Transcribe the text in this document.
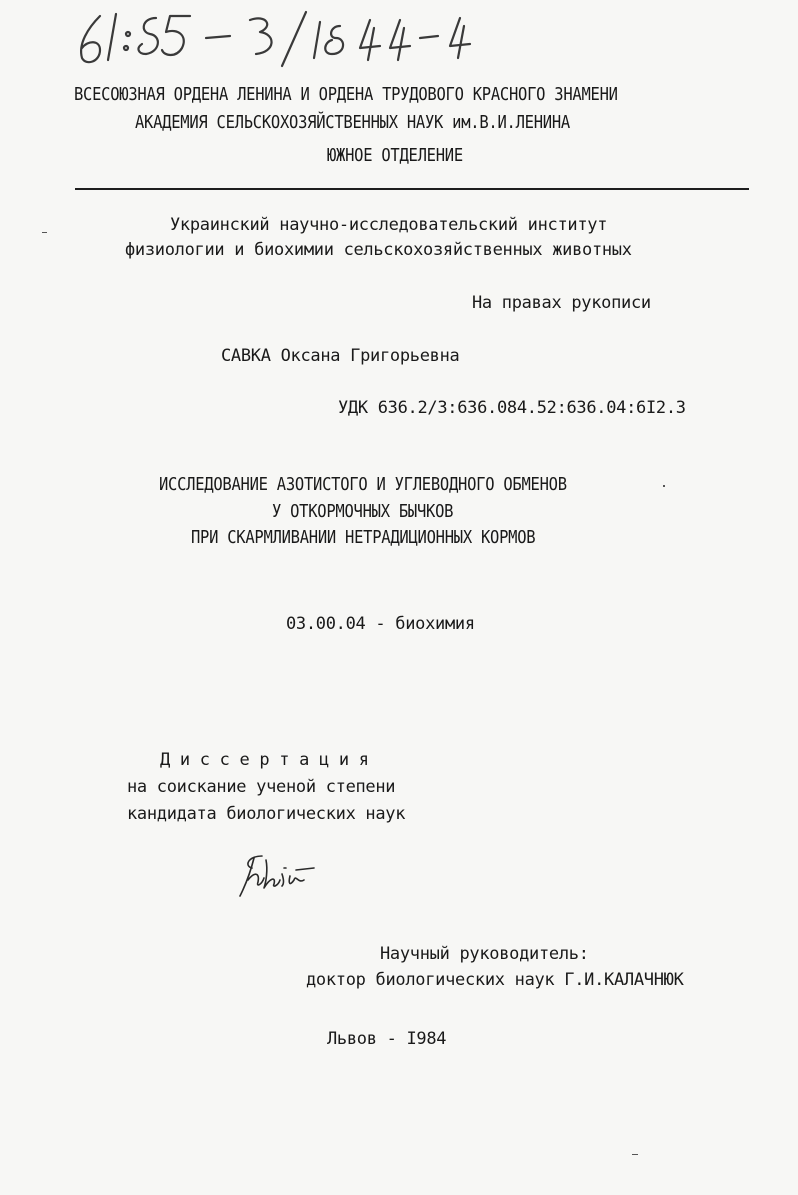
ВСЕСОЮЗНАЯ ОРДЕНА ЛЕНИНА И ОРДЕНА ТРУДОВОГО КРАСНОГО ЗНАМЕНИ
АКАДЕМИЯ СЕЛЬСКОХОЗЯЙСТВЕННЫХ НАУК им.В.И.ЛЕНИНА
ЮЖНОЕ ОТДЕЛЕНИЕ
Украинский научно-исследовательский институт
физиологии и биохимии сельскохозяйственных животных
На правах рукописи
САВКА Оксана Григорьевна
УДК 636.2/3:636.084.52:636.04:6I2.3
ИССЛЕДОВАНИЕ АЗОТИСТОГО И УГЛЕВОДНОГО ОБМЕНОВ
У ОТКОРМОЧНЫХ БЫЧКОВ
ПРИ СКАРМЛИВАНИИ НЕТРАДИЦИОННЫХ КОРМОВ
03.00.04 - биохимия
Д и с с е р т а ц и я
на соискание ученой степени
кандидата биологических наук
Научный руководитель:
доктор биологических наук Г.И.КАЛАЧНЮК
Львов - I984
